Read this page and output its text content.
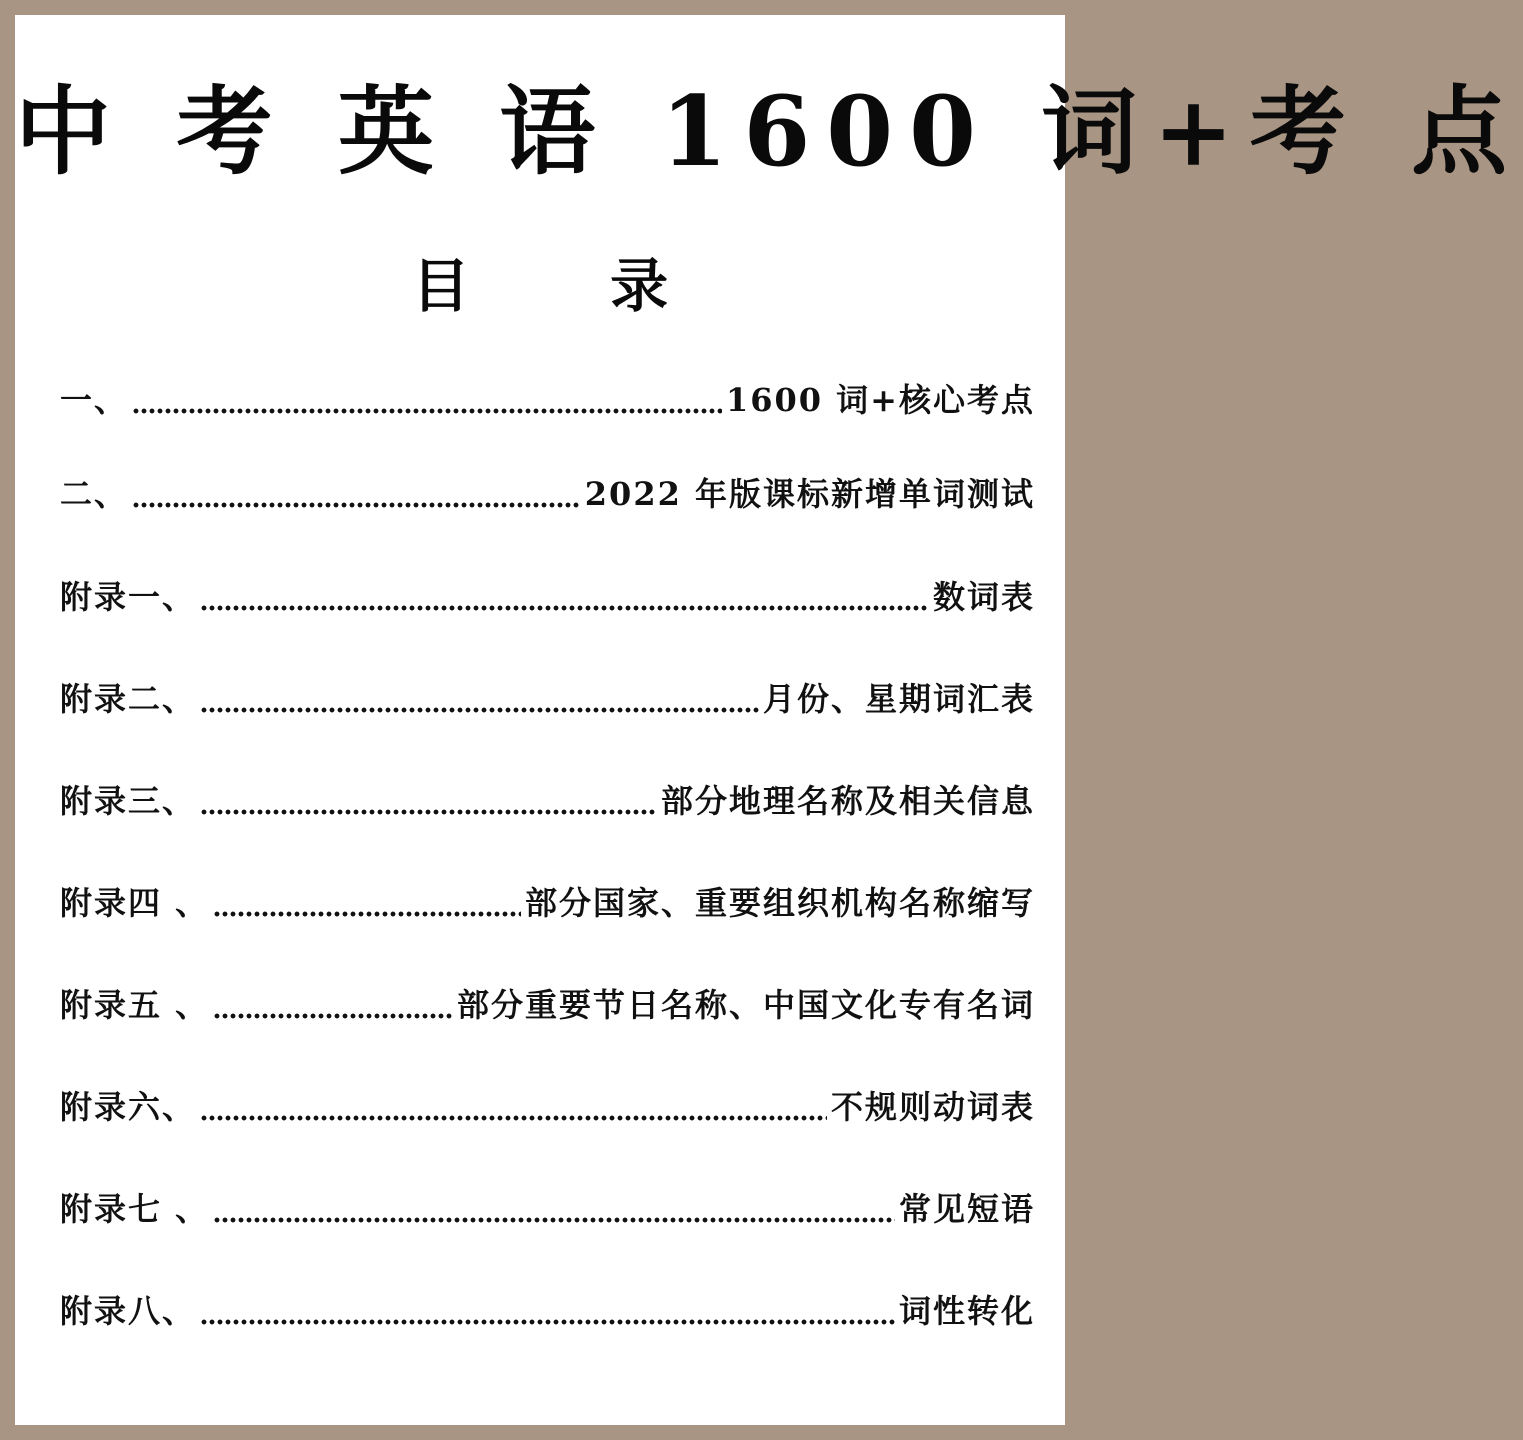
中 考 英 语 1600 词+考 点
目 录
一、	1600 词+核心考点
二、	2022 年版课标新增单词测试
附录一、	数词表
附录二、	月份、星期词汇表
附录三、	部分地理名称及相关信息
附录四 、	部分国家、重要组织机构名称缩写
附录五 、	部分重要节日名称、中国文化专有名词
附录六、	不规则动词表
附录七 、	常见短语
附录八、	词性转化
